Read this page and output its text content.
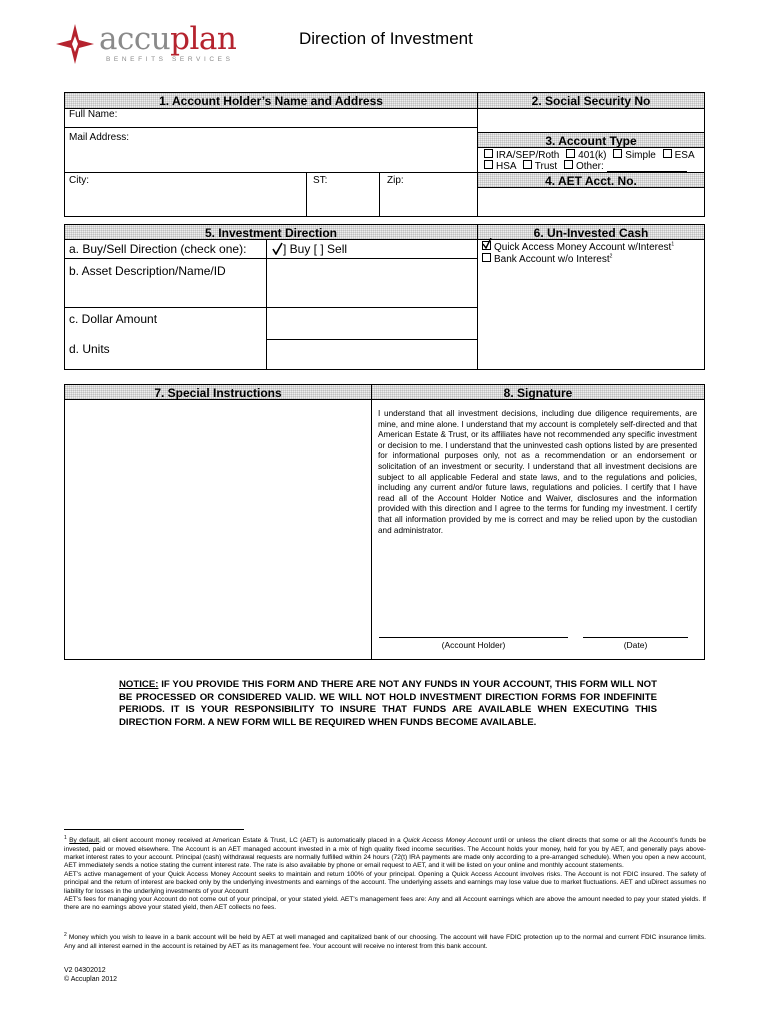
accuplan
BENEFITS SERVICES
Direction of Investment
1. Account Holder’s Name and Address	2. Social Security No
Full Name:
Mail Address:
City:	ST:	Zip:
3. Account Type
IRA/SEP/Roth 401(k) Simple ESA
HSA Trust Other:
4. AET Acct. No.
5. Investment Direction	6. Un-Invested Cash
a. Buy/Sell Direction (check one):	] Buy [ ] Sell
b. Asset Description/Name/ID
c. Dollar Amount
d. Units
Quick Access Money Account w/Interest$^1$
Bank Account w/o Interest$^2$
7. Special Instructions	8. Signature
I understand that all investment decisions, including due diligence requirements, are mine, and mine alone. I understand that my account is completely self-directed and that American Estate & Trust, or its affiliates have not recommended any specific investment or decision to me. I understand that the uninvested cash options listed by are presented for informational purposes only, not as a recommendation or an endorsement or solicitation of an investment or security. I understand that all investment decisions are subject to all applicable Federal and state laws, and to the regulations and policies, including any current and/or future laws, regulations and policies. I certify that I have read all of the Account Holder Notice and Waiver, disclosures and the information provided with this direction and I agree to the terms for funding my investment. I certify that all information provided by me is correct and may be relied upon by the custodian and administrator.
(Account Holder)	(Date)
NOTICE: IF YOU PROVIDE THIS FORM AND THERE ARE NOT ANY FUNDS IN YOUR ACCOUNT, THIS FORM WILL NOT BE PROCESSED OR CONSIDERED VALID. WE WILL NOT HOLD INVESTMENT DIRECTION FORMS FOR INDEFINITE PERIODS. IT IS YOUR RESPONSIBILITY TO INSURE THAT FUNDS ARE AVAILABLE WHEN EXECUTING THIS DIRECTION FORM. A NEW FORM WILL BE REQUIRED WHEN FUNDS BECOME AVAILABLE.
$^1$ By default, all client account money received at American Estate & Trust, LC (AET) is automatically placed in a Quick Access Money Account until or unless the client directs that some or all the Account’s funds be invested, paid or moved elsewhere. The Account is an AET managed account invested in a mix of high quality fixed income securities. The Account holds your money, held for you by AET, and generally pays above-market interest rates to your account. Principal (cash) withdrawal requests are normally fulfilled within 24 hours (72(t) IRA payments are made only according to a pre-arranged schedule). When you open a new account, AET immediately sends a notice stating the current interest rate. The rate is also available by phone or email request to AET, and it will be listed on your online and monthly account statements.
AET’s active management of your Quick Access Money Account seeks to maintain and return 100% of your principal. Opening a Quick Access Account involves risks. The Account is not FDIC insured. The safety of principal and the return of interest are backed only by the underlying investments and earnings of the account. The underlying assets and earnings may lose value due to market fluctuations. AET and uDirect assumes no liability for losses in the underlying investments of your Account
AET’s fees for managing your Account do not come out of your principal, or your stated yield. AET’s management fees are: Any and all Account earnings which are above the amount needed to pay your stated yields. If there are no earnings above your stated yield, then AET collects no fees.
$^2$ Money which you wish to leave in a bank account will be held by AET at well managed and capitalized bank of our choosing. The account will have FDIC protection up to the normal and current FDIC insurance limits. Any and all interest earned in the account is retained by AET as its management fee. Your account will receive no interest from this bank account.
V2 04302012
© Accuplan 2012
